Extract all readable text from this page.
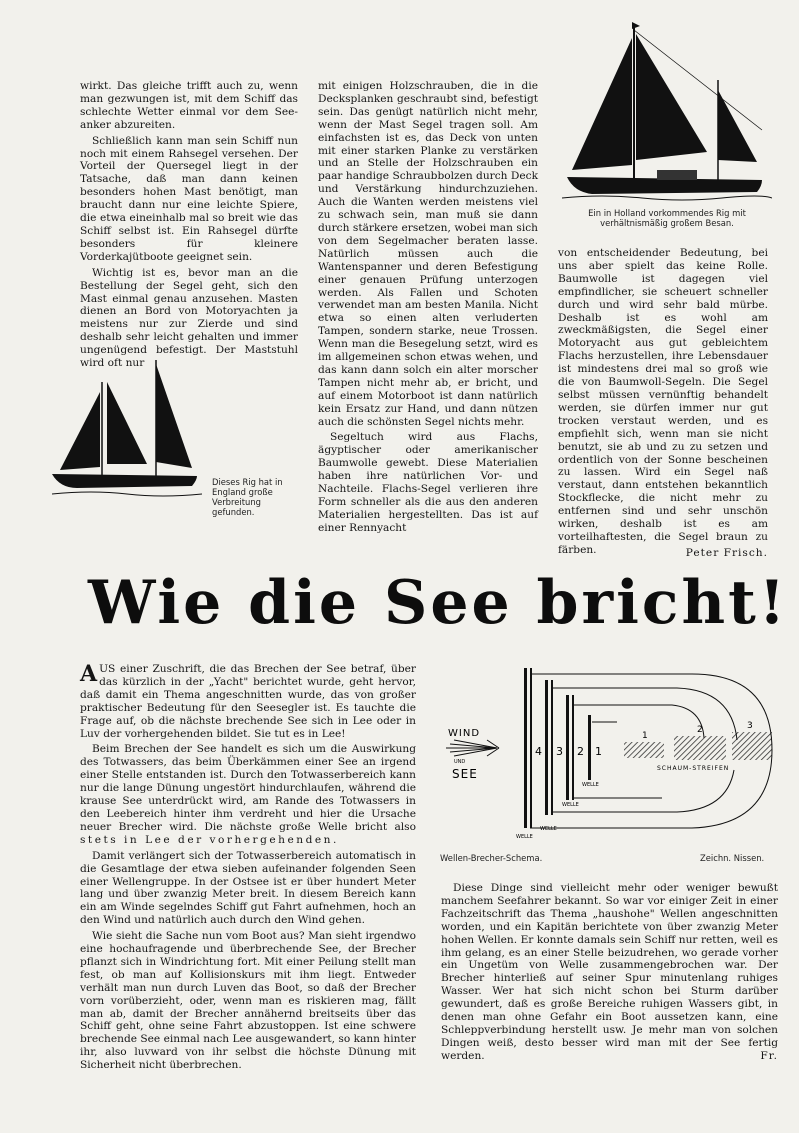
wirkt. Das gleiche trifft auch zu, wenn man gezwungen ist, mit dem Schiff das schlechte Wetter einmal vor dem See-anker abzureiten.

Schließlich kann man sein Schiff nun noch mit einem Rahsegel versehen. Der Vorteil der Quersegel liegt in der Tatsache, daß man dann keinen besonders hohen Mast benötigt, man braucht dann nur eine leichte Spiere, die etwa eineinhalb mal so breit wie das Schiff selbst ist. Ein Rahsegel dürfte besonders für kleinere Vorderkajütboote geeignet sein.

Wichtig ist es, bevor man an die Bestellung der Segel geht, sich den Mast einmal genau anzusehen. Masten dienen an Bord von Motoryachten ja meistens nur zur Zierde und sind deshalb sehr leicht gehalten und immer ungenügend befestigt. Der Maststuhl wird oft nur

mit einigen Holzschrauben, die in die Decksplanken geschraubt sind, befestigt sein. Das genügt natürlich nicht mehr, wenn der Mast Segel tragen soll. Am einfachsten ist es, das Deck von unten mit einer starken Planke zu verstärken und an Stelle der Holzschrauben ein paar handige Schraubbolzen durch Deck und Verstärkung hindurchzuziehen. Auch die Wanten werden meistens viel zu schwach sein, man muß sie dann durch stärkere ersetzen, wobei man sich von dem Segelmacher beraten lasse. Natürlich müssen auch die Wantenspanner und deren Befestigung einer genauen Prüfung unterzogen werden. Als Fallen und Schoten verwendet man am besten Manila. Nicht etwa so einen alten verluderten Tampen, sondern starke, neue Trossen. Wenn man die Besegelung setzt, wird es im allgemeinen schon etwas wehen, und das kann dann solch ein alter morscher Tampen nicht mehr ab, er bricht, und auf einem Motorboot ist dann natürlich kein Ersatz zur Hand, und dann nützen auch die schönsten Segel nichts mehr.

Segeltuch wird aus Flachs, ägyptischer oder amerikanischer Baumwolle gewebt. Diese Materialien haben ihre natürlichen Vor- und Nachteile. Flachs-Segel verlieren ihre Form schneller als die aus den anderen Materialien hergestellten. Das ist auf einer Rennyacht

von entscheidender Bedeutung, bei uns aber spielt das keine Rolle. Baumwolle ist dagegen viel empfindlicher, sie scheuert schneller durch und wird sehr bald mürbe. Deshalb ist es wohl am zweckmäßigsten, die Segel einer Motoryacht aus gut gebleichtem Flachs herzustellen, ihre Lebensdauer ist mindestens drei mal so groß wie die von Baumwoll-Segeln. Die Segel selbst müssen vernünftig behandelt werden, sie dürfen immer nur gut trocken verstaut werden, und es empfiehlt sich, wenn man sie nicht benutzt, sie ab und zu zu setzen und ordentlich von der Sonne bescheinen zu lassen. Wird ein Segel naß verstaut, dann entstehen bekanntlich Stockflecke, die nicht mehr zu entfernen sind und sehr unschön wirken, deshalb ist es am vorteilhaftesten, die Segel braun zu färben.	Peter Frisch.
Ein in Holland vorkommendes Rig mit verhältnismäßig großem Besan.
Dieses Rig hat in England große Verbreitung gefunden.
Wie die See bricht!

AUS einer Zuschrift, die das Brechen der See betraf, über das kürzlich in der „Yacht" berichtet wurde, geht hervor, daß damit ein Thema angeschnitten wurde, das von großer praktischer Bedeutung für den Seesegler ist. Es tauchte die Frage auf, ob die nächste brechende See sich in Lee oder in Luv der vorhergehenden bildet. Sie tut es in Lee!

Beim Brechen der See handelt es sich um die Auswirkung des Totwassers, das beim Überkämmen einer See an irgend einer Stelle entstanden ist. Durch den Totwasserbereich kann nur die lange Dünung ungestört hindurchlaufen, während die krause See unterdrückt wird, am Rande des Totwassers in den Leebereich hinter ihm verdreht und hier die Ursache neuer Brecher wird. Die nächste große Welle bricht also stets in Lee der vorhergehenden.

Damit verlängert sich der Totwasserbereich automatisch in die Gesamtlage der etwa sieben aufeinander folgenden Seen einer Wellengruppe. In der Ostsee ist er über hundert Meter lang und über zwanzig Meter breit. In diesem Bereich kann ein am Winde segelndes Schiff gut Fahrt aufnehmen, hoch an den Wind und natürlich auch durch den Wind gehen.

Wie sieht die Sache nun vom Boot aus? Man sieht irgendwo eine hochaufragende und überbrechende See, der Brecher pflanzt sich in Windrichtung fort. Mit einer Peilung stellt man fest, ob man auf Kollisionskurs mit ihm liegt. Entweder verhält man nun durch Luven das Boot, so daß der Brecher vorn vorüberzieht, oder, wenn man es riskieren mag, fällt man ab, damit der Brecher annähernd breitseits über das Schiff geht, ohne seine Fahrt abzustoppen. Ist eine schwere brechende See einmal nach Lee ausgewandert, so kann hinter ihr, also luvward von ihr selbst die höchste Dünung mit Sicherheit nicht überbrechen.

WIND
UND
SEE
4 3 2 1
WELLE
WELLE
WELLE
WELLE
1
2	3
SCHAUM-STREIFEN
Wellen-Brecher-Schema.	Zeichn. Nissen.

Diese Dinge sind vielleicht mehr oder weniger bewußt manchem Seefahrer bekannt. So war vor einiger Zeit in einer Fachzeitschrift das Thema „haushohe" Wellen angeschnitten worden, und ein Kapitän berichtete von über zwanzig Meter hohen Wellen. Er konnte damals sein Schiff nur retten, weil es ihm gelang, es an einer Stelle beizudrehen, wo gerade vorher ein Ungetüm von Welle zusammengebrochen war. Der Brecher hinterließ auf seiner Spur minutenlang ruhiges Wasser. Wer hat sich nicht schon bei Sturm darüber gewundert, daß es große Bereiche ruhigen Wassers gibt, in denen man ohne Gefahr ein Boot aussetzen kann, eine Schleppverbindung herstellt usw. Je mehr man von solchen Dingen weiß, desto besser wird man mit der See fertig werden.	Fr.
